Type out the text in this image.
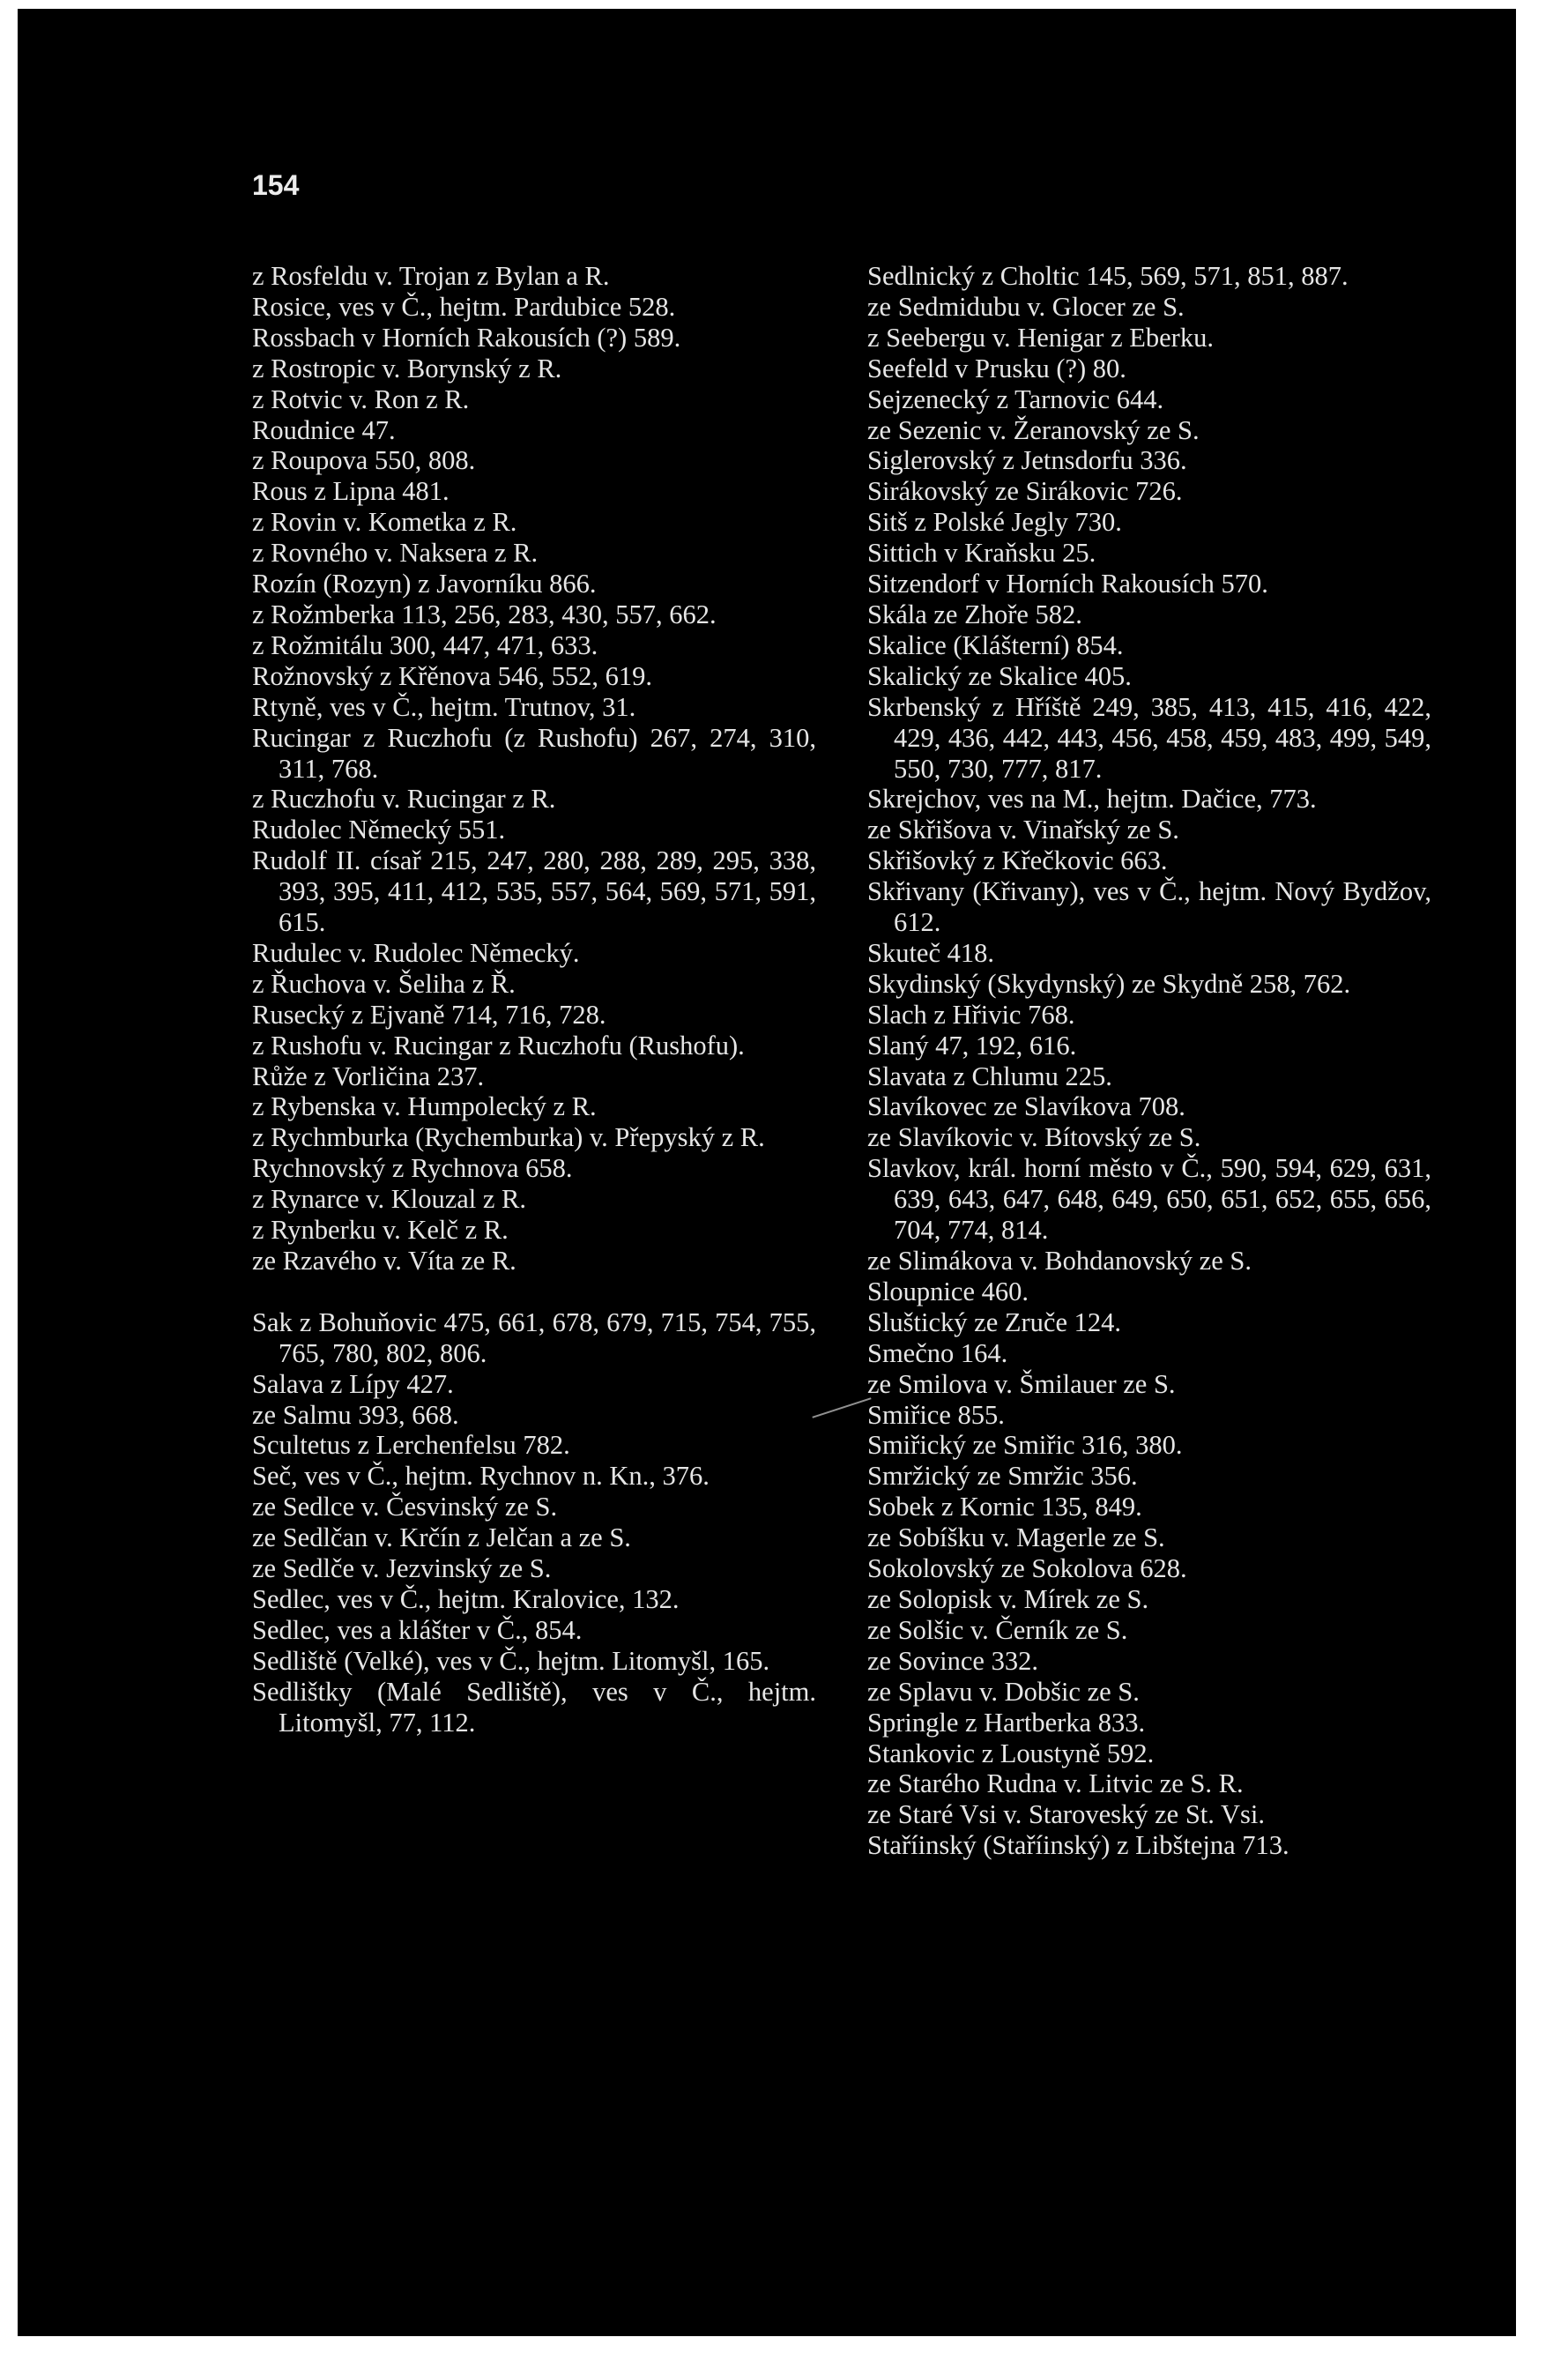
154
z Rosfeldu v. Trojan z Bylan a R.
Rosice, ves v Č., hejtm. Pardubice 528.
Rossbach v Horních Rakousích (?) 589.
z Rostropic v. Borynský z R.
z Rotvic v. Ron z R.
Roudnice 47.
z Roupova 550, 808.
Rous z Lipna 481.
z Rovin v. Kometka z R.
z Rovného v. Naksera z R.
Rozín (Rozyn) z Javorníku 866.
z Rožmberka 113, 256, 283, 430, 557, 662.
z Rožmitálu 300, 447, 471, 633.
Rožnovský z Křěnova 546, 552, 619.
Rtyně, ves v Č., hejtm. Trutnov, 31.
Rucingar z Ruczhofu (z Rushofu) 267, 274, 310, 311, 768.
z Ruczhofu v. Rucingar z R.
Rudolec Německý 551.
Rudolf II. císař 215, 247, 280, 288, 289, 295, 338, 393, 395, 411, 412, 535, 557, 564, 569, 571, 591, 615.
Rudulec v. Rudolec Německý.
z Řuchova v. Šeliha z Ř.
Rusecký z Ejvaně 714, 716, 728.
z Rushofu v. Rucingar z Ruczhofu (Rushofu).
Růže z Vorličina 237.
z Rybenska v. Humpolecký z R.
z Rychmburka (Rychemburka) v. Přepyský z R.
Rychnovský z Rychnova 658.
z Rynarce v. Klouzal z R.
z Rynberku v. Kelč z R.
ze Rzavého v. Víta ze R.
Sak z Bohuňovic 475, 661, 678, 679, 715, 754, 755, 765, 780, 802, 806.
Salava z Lípy 427.
ze Salmu 393, 668.
Scultetus z Lerchenfelsu 782.
Seč, ves v Č., hejtm. Rychnov n. Kn., 376.
ze Sedlce v. Česvinský ze S.
ze Sedlčan v. Krčín z Jelčan a ze S.
ze Sedlče v. Jezvinský ze S.
Sedlec, ves v Č., hejtm. Kralovice, 132.
Sedlec, ves a klášter v Č., 854.
Sedliště (Velké), ves v Č., hejtm. Litomyšl, 165.
Sedlištky (Malé Sedliště), ves v Č., hejtm. Litomyšl, 77, 112.
Sedlnický z Choltic 145, 569, 571, 851, 887.
ze Sedmidubu v. Glocer ze S.
z Seebergu v. Henigar z Eberku.
Seefeld v Prusku (?) 80.
Sejzenecký z Tarnovic 644.
ze Sezenic v. Žeranovský ze S.
Siglerovský z Jetnsdorfu 336.
Sirákovský ze Sirákovic 726.
Sitš z Polské Jegly 730.
Sittich v Kraňsku 25.
Sitzendorf v Horních Rakousích 570.
Skála ze Zhoře 582.
Skalice (Klášterní) 854.
Skalický ze Skalice 405.
Skrbenský z Hříště 249, 385, 413, 415, 416, 422, 429, 436, 442, 443, 456, 458, 459, 483, 499, 549, 550, 730, 777, 817.
Skrejchov, ves na M., hejtm. Dačice, 773.
ze Skřišova v. Vinařský ze S.
Skřišovký z Křečkovic 663.
Skřivany (Křivany), ves v Č., hejtm. Nový Bydžov, 612.
Skuteč 418.
Skydinský (Skydynský) ze Skydně 258, 762.
Slach z Hřivic 768.
Slaný 47, 192, 616.
Slavata z Chlumu 225.
Slavíkovec ze Slavíkova 708.
ze Slavíkovic v. Bítovský ze S.
Slavkov, král. horní město v Č., 590, 594, 629, 631, 639, 643, 647, 648, 649, 650, 651, 652, 655, 656, 704, 774, 814.
ze Slimákova v. Bohdanovský ze S.
Sloupnice 460.
Sluštický ze Zruče 124.
Smečno 164.
ze Smilova v. Šmilauer ze S.
Smiřice 855.
Smiřický ze Smiřic 316, 380.
Smržický ze Smržic 356.
Sobek z Kornic 135, 849.
ze Sobíšku v. Magerle ze S.
Sokolovský ze Sokolova 628.
ze Solopisk v. Mírek ze S.
ze Solšic v. Černík ze S.
ze Sovince 332.
ze Splavu v. Dobšic ze S.
Springle z Hartberka 833.
Stankovic z Loustyně 592.
ze Starého Rudna v. Litvic ze S. R.
ze Staré Vsi v. Staroveský ze St. Vsi.
Staříinský (Staříinský) z Libštejna 713.
